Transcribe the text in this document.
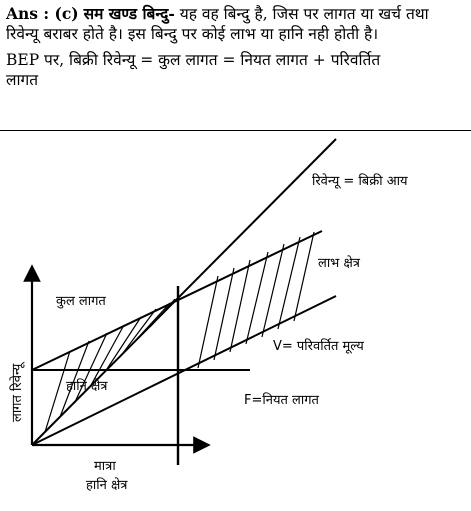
Ans : (c) सम खण्ड बिन्दु- यह वह बिन्दु है, जिस पर लागत या खर्च तथा रिवेन्यू बराबर होते है। इस बिन्दु पर कोई लाभ या हानि नही होती है।

BEP पर, बिक्री रिवेन्यू = कुल लागत = नियत लागत + परिवर्तित
लागत

रिवेन्यू = बिक्री आय
लाभ क्षेत्र
कुल लागत
V= परिवर्तित मूल्य
हानि क्षेत्र
F=नियत लागत
लागत रिवेन्यू
मात्रा
हानि क्षेत्र
